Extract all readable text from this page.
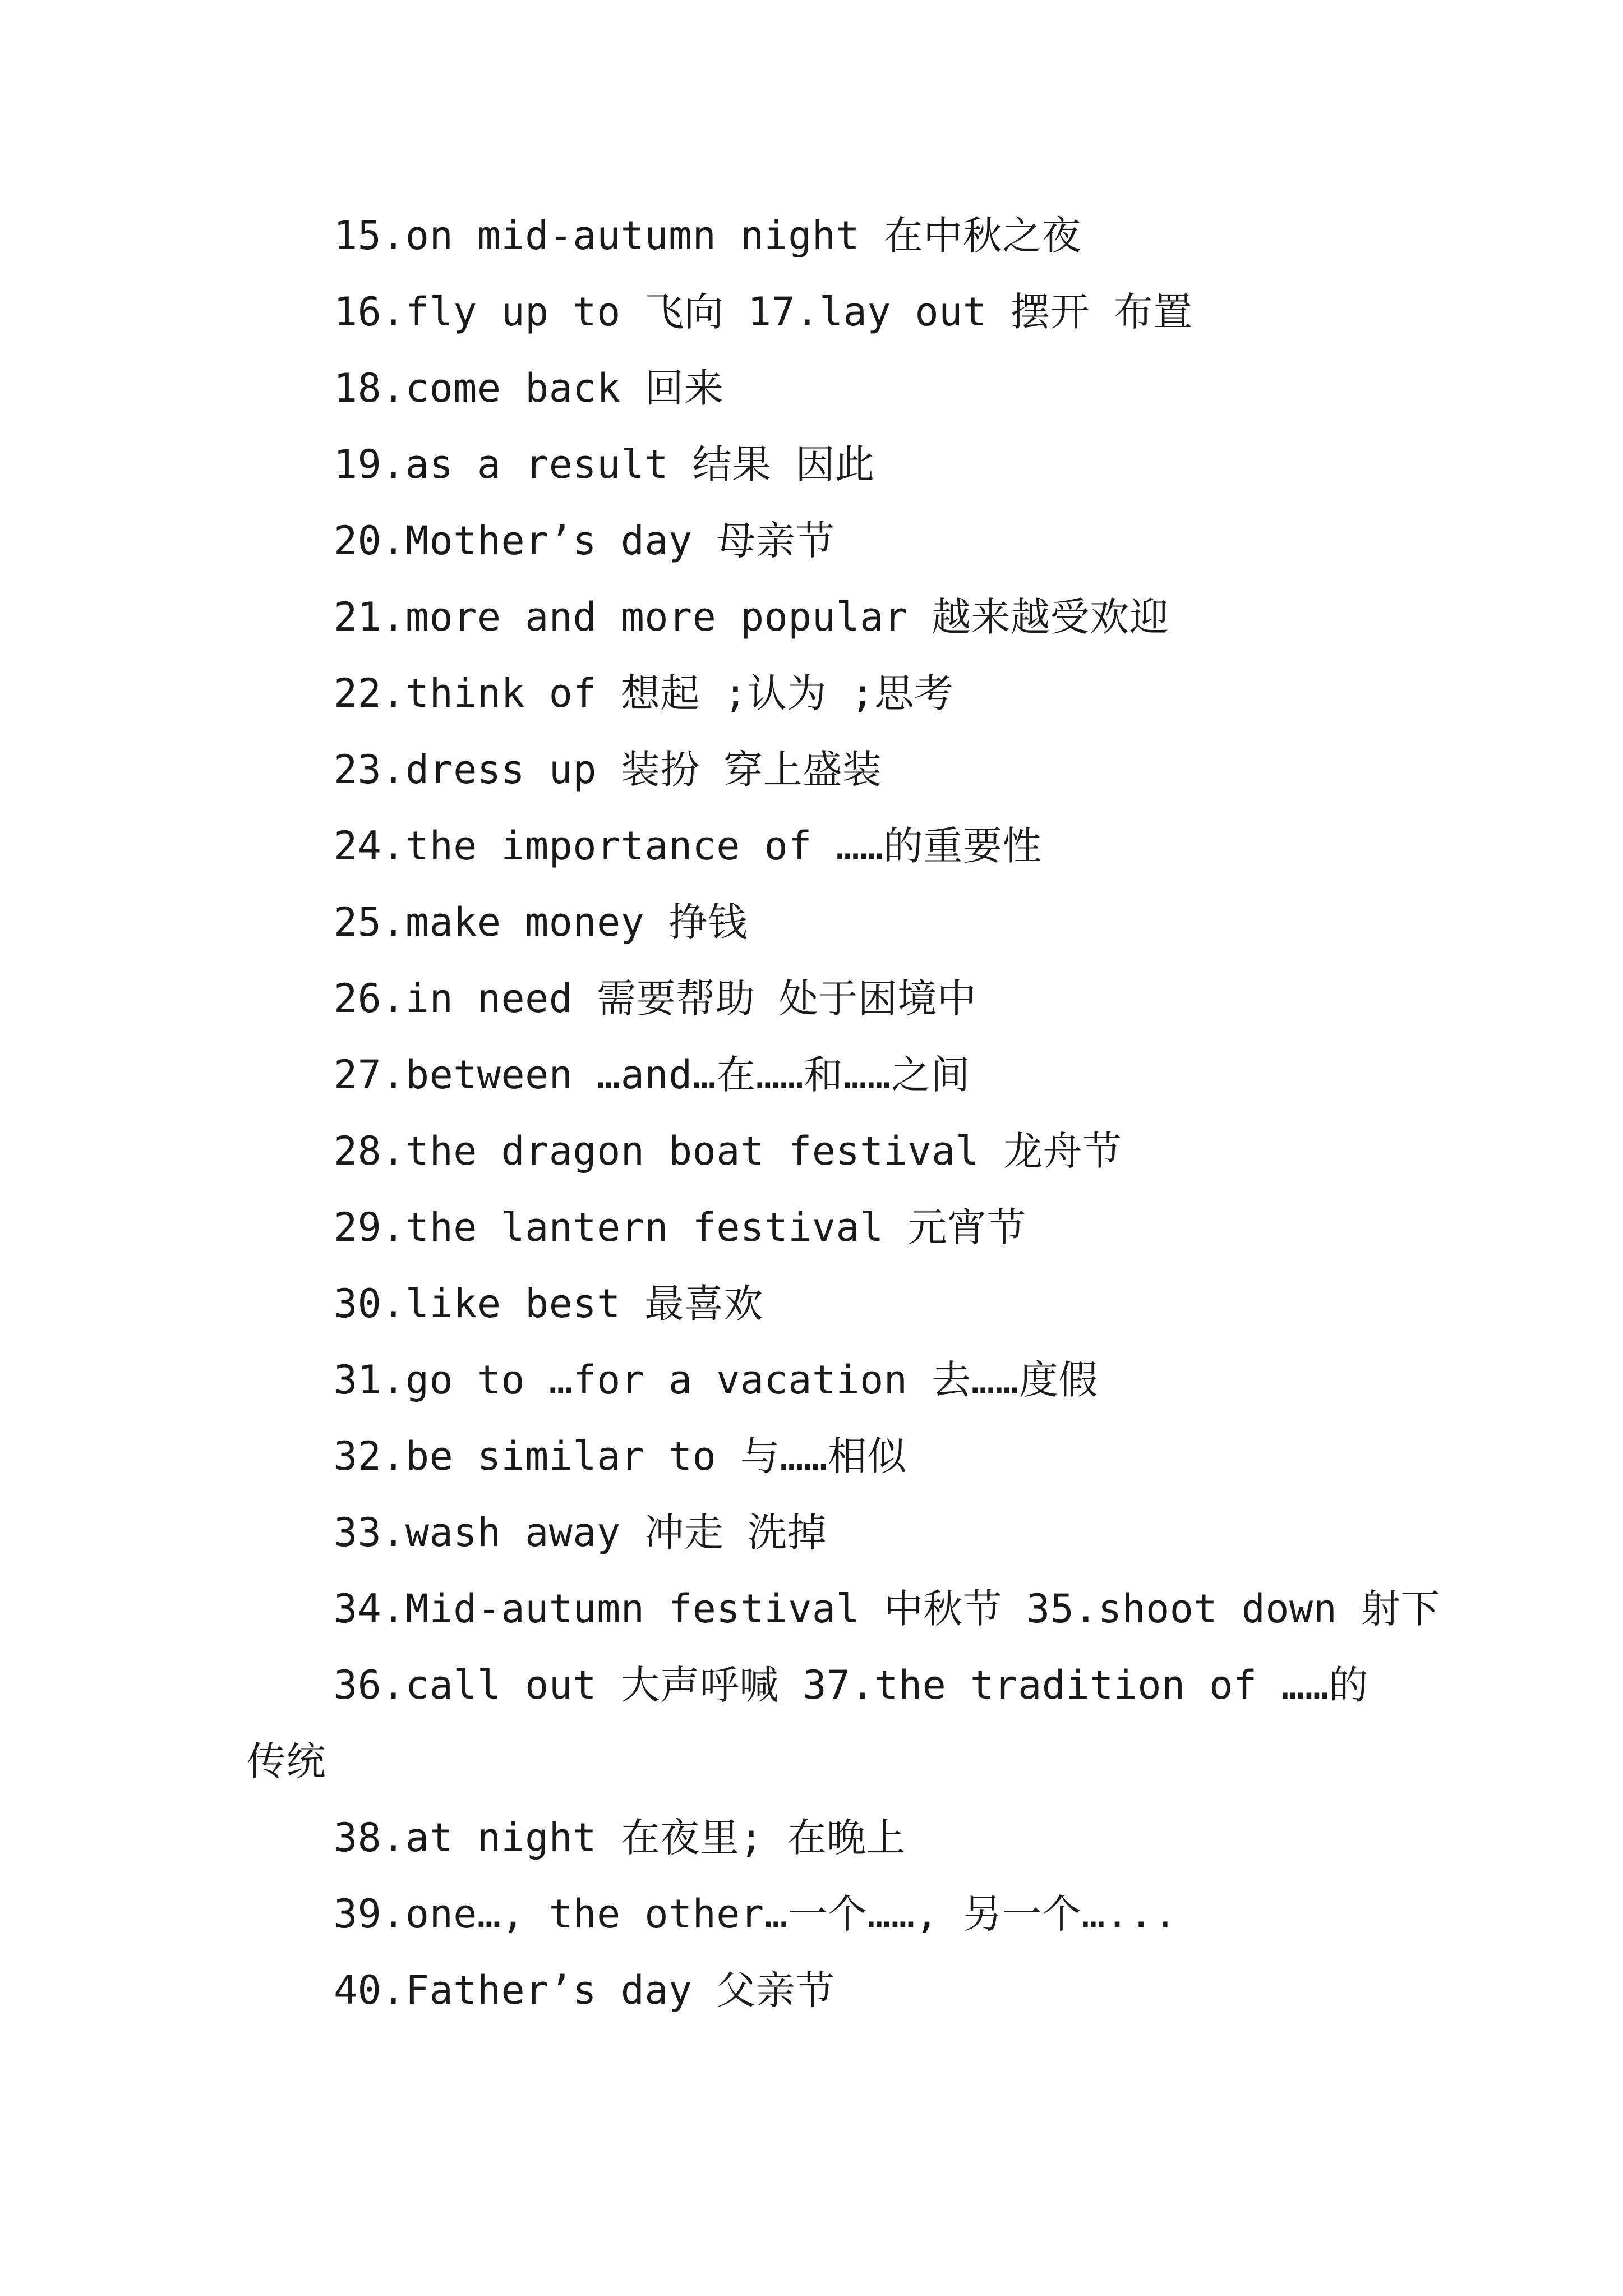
15.on mid-autumn night 在中秋之夜
16.fly up to 飞向 17.lay out 摆开 布置
18.come back 回来
19.as a result 结果 因此
20.Mother’s day 母亲节
21.more and more popular 越来越受欢迎
22.think of 想起 ;认为 ;思考
23.dress up 装扮 穿上盛装
24.the importance of ……的重要性
25.make money 挣钱
26.in need 需要帮助 处于困境中
27.between …and…在……和……之间
28.the dragon boat festival 龙舟节
29.the lantern festival 元宵节
30.like best 最喜欢
31.go to …for a vacation 去……度假
32.be similar to 与……相似
33.wash away 冲走 洗掉
34.Mid-autumn festival 中秋节 35.shoot down 射下
36.call out 大声呼喊 37.the tradition of ……的
传统
38.at night 在夜里; 在晚上
39.one…, the other…一个……, 另一个…...
40.Father’s day 父亲节
